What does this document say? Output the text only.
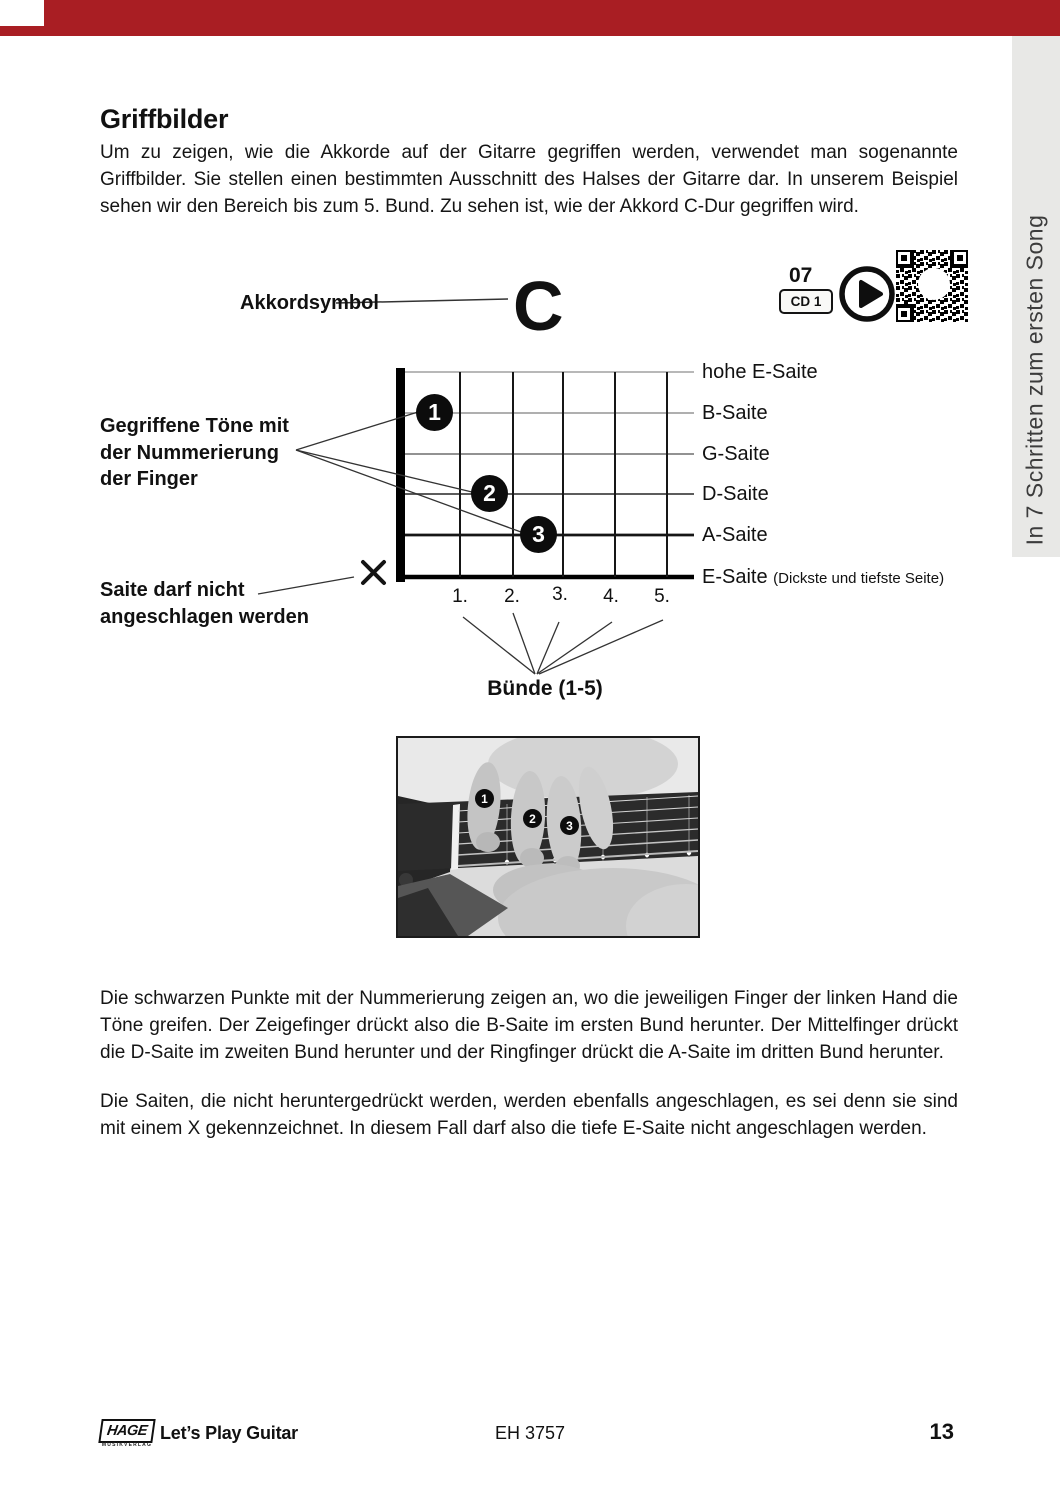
In 7 Schritten zum ersten Song
Griffbilder
Um zu zeigen, wie die Akkorde auf der Gitarre gegriffen werden, verwendet man sogenannte Griffbilder. Sie stellen einen bestimmten Ausschnitt des Halses der Gitarre dar. In unserem Beispiel sehen wir den Bereich bis zum 5. Bund. Zu sehen ist, wie der Akkord C-Dur gegriffen wird.
Akkordsymbol C	07
CD 1
Gegriffene Töne mit
der Nummerierung
der Finger
Saite darf nicht
angeschlagen werden
hohe E-Saite
B-Saite
G-Saite
D-Saite
A-Saite
E-Saite (Dickste und tiefste Seite)
1
2
3
1.	2.	3.	4.	5.
Bünde (1-5)
1
2	3
Die schwarzen Punkte mit der Nummerierung zeigen an, wo die jeweiligen Finger der linken Hand die Töne greifen. Der Zeigefinger drückt also die B-Saite im ersten Bund herunter. Der Mittelfinger drückt die D-Saite im zweiten Bund herunter und der Ringfinger drückt die A-Saite im dritten Bund herunter.
Die Saiten, die nicht heruntergedrückt werden, werden ebenfalls angeschlagen, es sei denn sie sind mit einem X gekennzeichnet. In diesem Fall darf also die tiefe E-Saite nicht angeschlagen werden.
HAGE
MUSIKVERLAG
Let’s Play Guitar	EH 3757	13
